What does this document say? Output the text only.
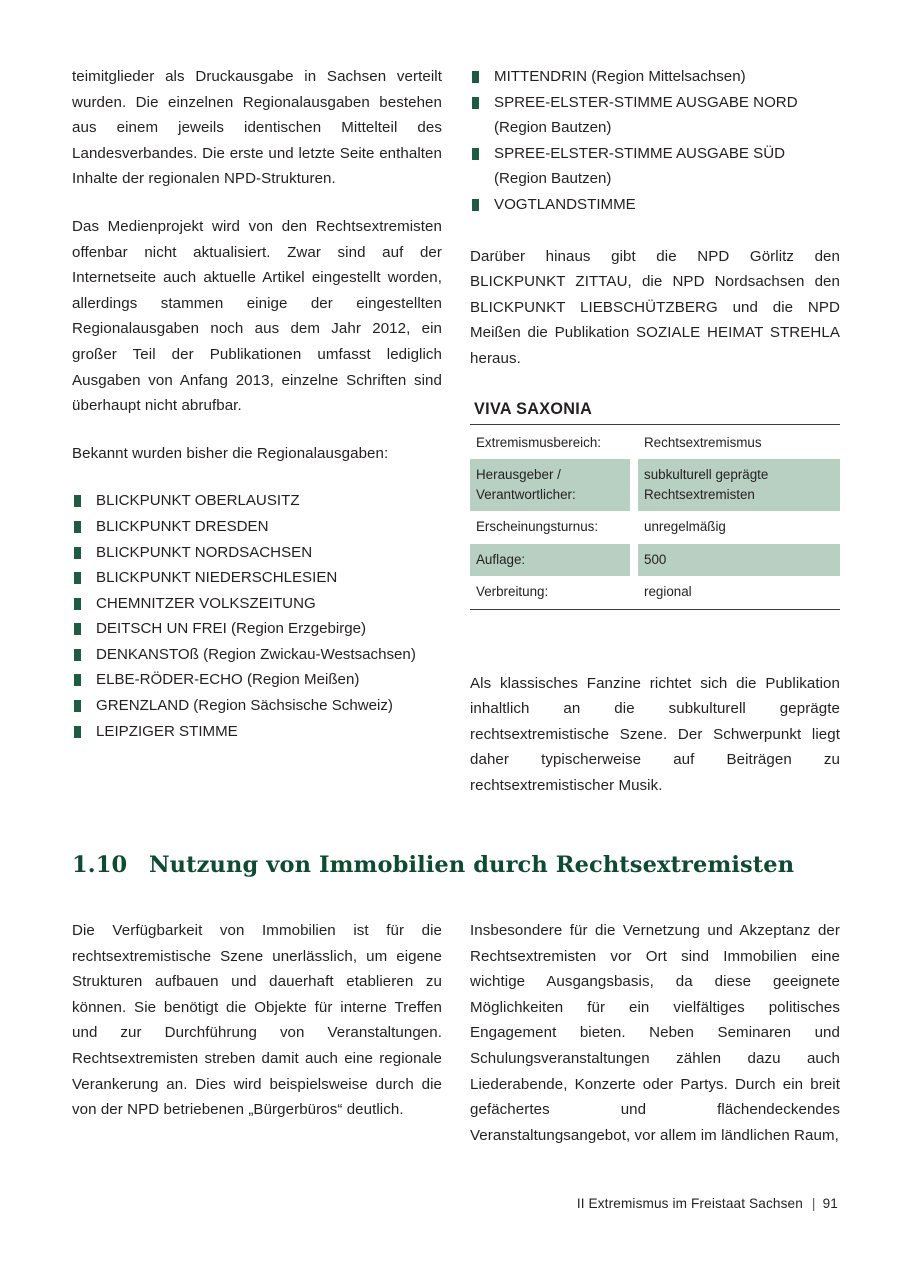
teimitglieder als Druckausgabe in Sachsen verteilt wurden. Die einzelnen Regionalausgaben bestehen aus einem jeweils identischen Mittelteil des Landesverbandes. Die erste und letzte Seite enthalten Inhalte der regionalen NPD-Strukturen.

Das Medienprojekt wird von den Rechtsextremisten offenbar nicht aktualisiert. Zwar sind auf der Internetseite auch aktuelle Artikel eingestellt worden, allerdings stammen einige der eingestellten Regionalausgaben noch aus dem Jahr 2012, ein großer Teil der Publikationen umfasst lediglich Ausgaben von Anfang 2013, einzelne Schriften sind überhaupt nicht abrufbar.

Bekannt wurden bisher die Regionalausgaben:

BLICKPUNKT OBERLAUSITZ
BLICKPUNKT DRESDEN
BLICKPUNKT NORDSACHSEN
BLICKPUNKT NIEDERSCHLESIEN
CHEMNITZER VOLKSZEITUNG
DEITSCH UN FREI (Region Erzgebirge)
DENKANSTOß (Region Zwickau-Westsachsen)
ELBE-RÖDER-ECHO (Region Meißen)
GRENZLAND (Region Sächsische Schweiz)
LEIPZIGER STIMME
MITTENDRIN (Region Mittelsachsen)
SPREE-ELSTER-STIMME AUSGABE NORD (Region Bautzen)
SPREE-ELSTER-STIMME AUSGABE SÜD (Region Bautzen)
VOGTLANDSTIMME

Darüber hinaus gibt die NPD Görlitz den BLICKPUNKT ZITTAU, die NPD Nordsachsen den BLICKPUNKT LIEBSCHÜTZBERG und die NPD Meißen die Publikation SOZIALE HEIMAT STREHLA heraus.

VIVA SAXONIA
Extremismusbereich:		Rechtsextremismus
Herausgeber /
Verantwortlicher:		subkulturell geprägte
Rechtsextremisten
Erscheinungsturnus:		unregelmäßig
Auflage:		500
Verbreitung:		regional

Als klassisches Fanzine richtet sich die Publikation inhaltlich an die subkulturell geprägte rechtsextremistische Szene. Der Schwerpunkt liegt daher typischerweise auf Beiträgen zu rechtsextremistischer Musik.

1.10 Nutzung von Immobilien durch Rechtsextremisten

Die Verfügbarkeit von Immobilien ist für die rechtsextremistische Szene unerlässlich, um eigene Strukturen aufbauen und dauerhaft etablieren zu können. Sie benötigt die Objekte für interne Treffen und zur Durchführung von Veranstaltungen. Rechtsextremisten streben damit auch eine regionale Verankerung an. Dies wird beispielsweise durch die von der NPD betriebenen „Bürgerbüros“ deutlich.

Insbesondere für die Vernetzung und Akzeptanz der Rechtsextremisten vor Ort sind Immobilien eine wichtige Ausgangsbasis, da diese geeignete Möglichkeiten für ein vielfältiges politisches Engagement bieten. Neben Seminaren und Schulungsveranstaltungen zählen dazu auch Liederabende, Konzerte oder Partys. Durch ein breit gefächertes und flächendeckendes Veranstaltungsangebot, vor allem im ländlichen Raum,

II Extremismus im Freistaat Sachsen | 91
